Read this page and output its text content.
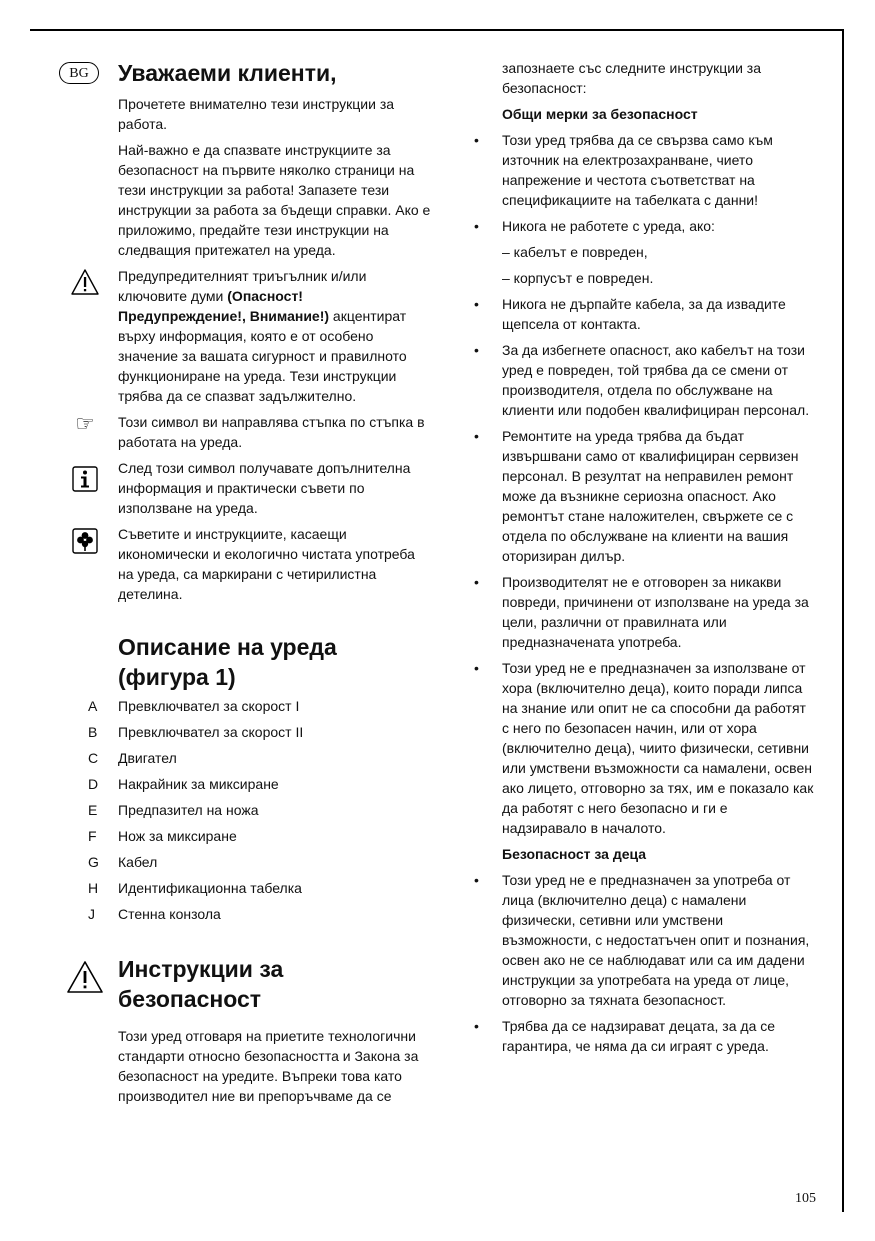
BG	Уважаеми клиенти,

Прочетете внимателно тези инструкции за работа.

Най-важно е да спазвате инструкциите за безопасност на първите няколко страници на тези инструкции за работа! Запазете тези инструкции за работа за бъдещи справки. Ако е приложимо, предайте тези инструкции на следващия притежател на уреда.

Предупредителният триъгълник и/или ключовите думи (Опасност! Предупреждение!, Внимание!) акцентират върху информация, която е от особено значение за вашата сигурност и правилното функциониране на уреда. Тези инструкции трябва да се спазват задължително.

☞	Този символ ви направлява стъпка по стъпка в работата на уреда.

След този символ получавате допълнителна информация и практически съвети по използване на уреда.

Съветите и инструкциите, касаещи икономически и екологично чистата употреба на уреда, са маркирани с четирилистна детелина.

Описание на уреда
(фигура 1)
A Превключвател за скорост I
B Превключвател за скорост II
C Двигател
D Накрайник за миксиране
E Предпазител на ножа
F Нож за миксиране
G Кабел
H Идентификационна табелка
J Стенна конзола
Инструкции за
безопасност

Този уред отговаря на приетите технологични стандарти относно безопасността и Закона за безопасност на уредите. Въпреки това като производител ние ви препоръчваме да се

запознаете със следните инструкции за безопасност:

Общи мерки за безопасност

• Този уред трябва да се свързва само към източник на електрозахранване, чието напрежение и честота съответстват на спецификациите на табелката с данни!

• Никога не работете с уреда, ако:

– кабелът е повреден,

– корпусът е повреден.

• Никога не дърпайте кабела, за да извадите щепсела от контакта.

• За да избегнете опасност, ако кабелът на този уред е повреден, той трябва да се смени от производителя, отдела по обслужване на клиенти или подобен квалифициран персонал.

• Ремонтите на уреда трябва да бъдат извършвани само от квалифициран сервизен персонал. В резултат на неправилен ремонт може да възникне сериозна опасност. Ако ремонтът стане наложителен, свържете се с отдела по обслужване на клиенти на вашия оторизиран дилър.

• Производителят не е отговорен за никакви повреди, причинени от използване на уреда за цели, различни от правилната или предназначената употреба.

• Този уред не е предназначен за използване от хора (включително деца), които поради липса на знание или опит не са способни да работят с него по безопасен начин, или от хора (включително деца), чиито физически, сетивни или умствени възможности са намалени, освен ако лицето, отговорно за тях, им е показало как да работят с него безопасно и ги е надзиравало в началото.

Безопасност за деца

• Този уред не е предназначен за употреба от лица (включително деца) с намалени физически, сетивни или умствени възможности, с недостатъчен опит и познания, освен ако не се наблюдават или са им дадени инструкции за употребата на уреда от лице, отговорно за тяхната безопасност.

• Трябва да се надзирават децата, за да се гарантира, че няма да си играят с уреда.

105
